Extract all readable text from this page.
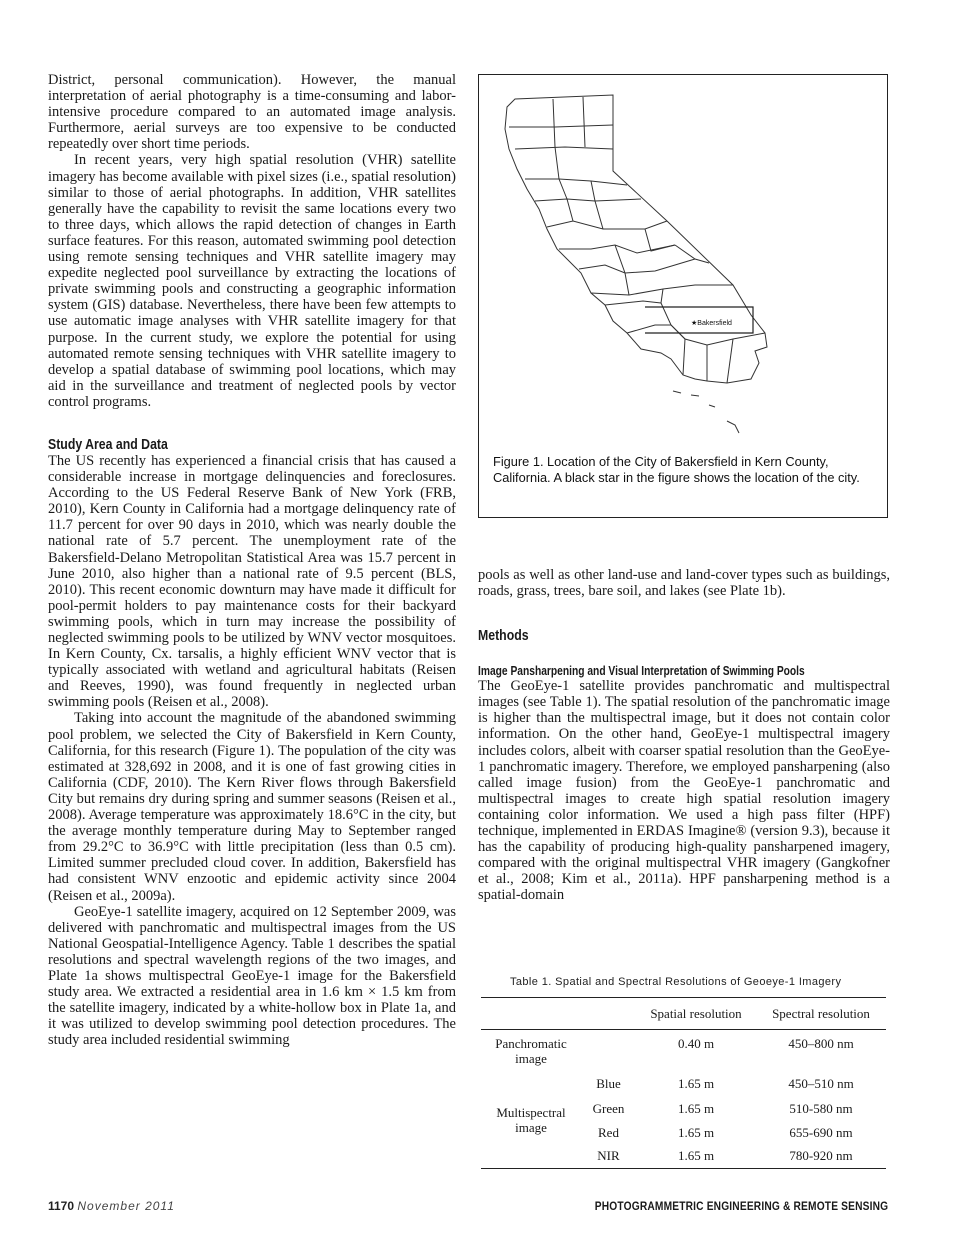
District, personal communication). However, the manual interpretation of aerial photography is a time-consuming and labor-intensive procedure compared to an automated image analysis. Furthermore, aerial surveys are too expensive to be conducted repeatedly over short time periods.

In recent years, very high spatial resolution (VHR) satellite imagery has become available with pixel sizes (i.e., spatial resolution) similar to those of aerial photographs. In addition, VHR satellites generally have the capability to revisit the same locations every two to three days, which allows the rapid detection of changes in Earth surface features. For this reason, automated swimming pool detection using remote sensing techniques and VHR satellite imagery may expedite neglected pool surveillance by extracting the locations of private swimming pools and constructing a geographic information system (GIS) database. Nevertheless, there have been few attempts to use automatic image analyses with VHR satellite imagery for that purpose. In the current study, we explore the potential for using automated remote sensing techniques with VHR satellite imagery to develop a spatial database of swimming pool locations, which may aid in the surveillance and treatment of neglected pools by vector control programs.

Study Area and Data

The US recently has experienced a financial crisis that has caused a considerable increase in mortgage delinquencies and foreclosures. According to the US Federal Reserve Bank of New York (FRB, 2010), Kern County in California had a mortgage delinquency rate of 11.7 percent for over 90 days in 2010, which was nearly double the national rate of 5.7 percent. The unemployment rate of the Bakersfield-Delano Metropolitan Statistical Area was 15.7 percent in June 2010, also higher than a national rate of 9.5 percent (BLS, 2010). This recent economic downturn may have made it difficult for pool-permit holders to pay maintenance costs for their backyard swimming pools, which in turn may increase the possibility of neglected swimming pools to be utilized by WNV vector mosquitoes. In Kern County, Cx. tarsalis, a highly efficient WNV vector that is typically associated with wetland and agricultural habitats (Reisen and Reeves, 1990), was found frequently in neglected urban swimming pools (Reisen et al., 2008).

Taking into account the magnitude of the abandoned swimming pool problem, we selected the City of Bakersfield in Kern County, California, for this research (Figure 1). The population of the city was estimated at 328,692 in 2008, and it is one of fast growing cities in California (CDF, 2010). The Kern River flows through Bakersfield City but remains dry during spring and summer seasons (Reisen et al., 2008). Average temperature was approximately 18.6°C in the city, but the average monthly temperature during May to September ranged from 29.2°C to 36.9°C with little precipitation (less than 0.5 cm). Limited summer precluded cloud cover. In addition, Bakersfield has had consistent WNV enzootic and epidemic activity since 2004 (Reisen et al., 2009a).

GeoEye-1 satellite imagery, acquired on 12 September 2009, was delivered with panchromatic and multispectral images from the US National Geospatial-Intelligence Agency. Table 1 describes the spatial resolutions and spectral wavelength regions of the two images, and Plate 1a shows multispectral GeoEye-1 image for the Bakersfield study area. We extracted a residential area in 1.6 km × 1.5 km from the satellite imagery, indicated by a white-hollow box in Plate 1a, and it was utilized to develop swimming pool detection procedures. The study area included residential swimming

★Bakersfield
Figure 1. Location of the City of Bakersfield in Kern County, California. A black star in the figure shows the location of the city.

pools as well as other land-use and land-cover types such as buildings, roads, grass, trees, bare soil, and lakes (see Plate 1b).

Methods
Image Pansharpening and Visual Interpretation of Swimming Pools

The GeoEye-1 satellite provides panchromatic and multispectral images (see Table 1). The spatial resolution of the panchromatic image is higher than the multispectral image, but it does not contain color information. On the other hand, GeoEye-1 multispectral imagery includes colors, albeit with coarser spatial resolution than the GeoEye-1 panchromatic imagery. Therefore, we employed pansharpening (also called image fusion) from the GeoEye-1 panchromatic and multispectral images to create high spatial resolution imagery containing color information. We used a high pass filter (HPF) technique, implemented in ERDAS Imagine® (version 9.3), because it has the capability of producing high-quality pansharpened imagery, compared with the original multispectral VHR imagery (Gangkofner et al., 2008; Kim et al., 2011a). HPF pansharpening method is a spatial-domain

Table 1. Spatial and Spectral Resolutions of Geoeye-1 Imagery
		Spatial resolution	Spectral resolution
Panchromatic image		0.40 m	450–800 nm
Multispectral image	Blue	1.65 m	450–510 nm
	Green	1.65 m	510-580 nm
	Red	1.65 m	655-690 nm
	NIR	1.65 m	780-920 nm
1170 November 2011	PHOTOGRAMMETRIC ENGINEERING & REMOTE SENSING
